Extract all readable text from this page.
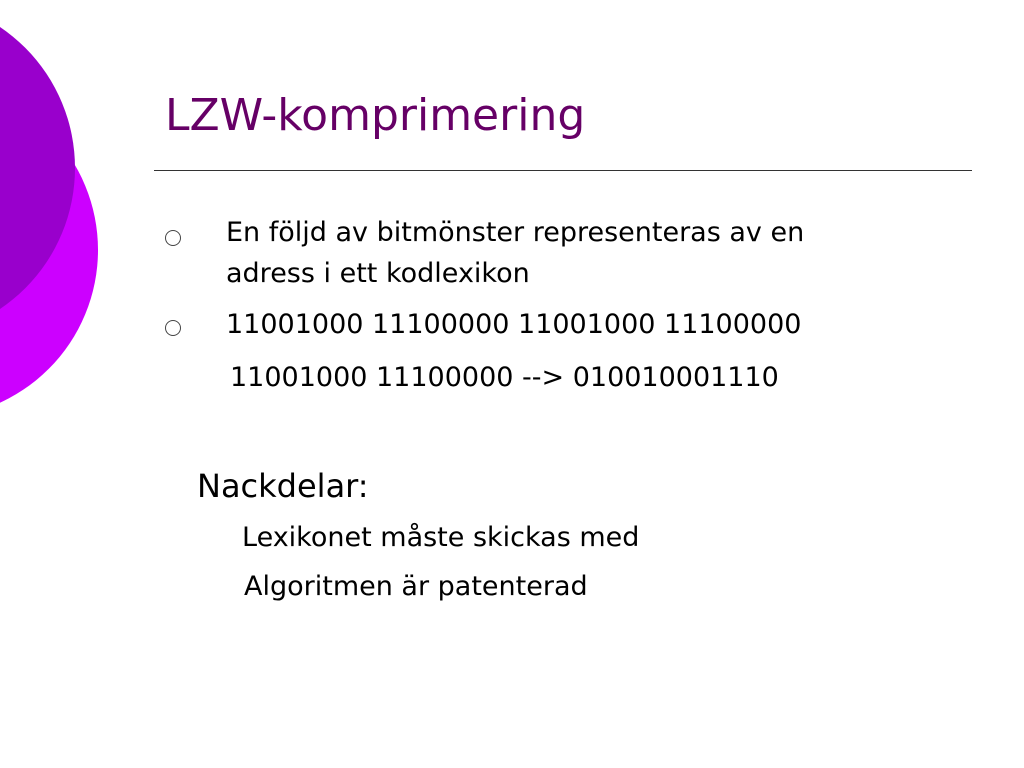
LZW-komprimering
En följd av bitmönster representeras av en
adress i ett kodlexikon
11001000 11100000 11001000 11100000
11001000 11100000 --> 010010001110
Nackdelar:
Lexikonet måste skickas med
Algoritmen är patenterad
